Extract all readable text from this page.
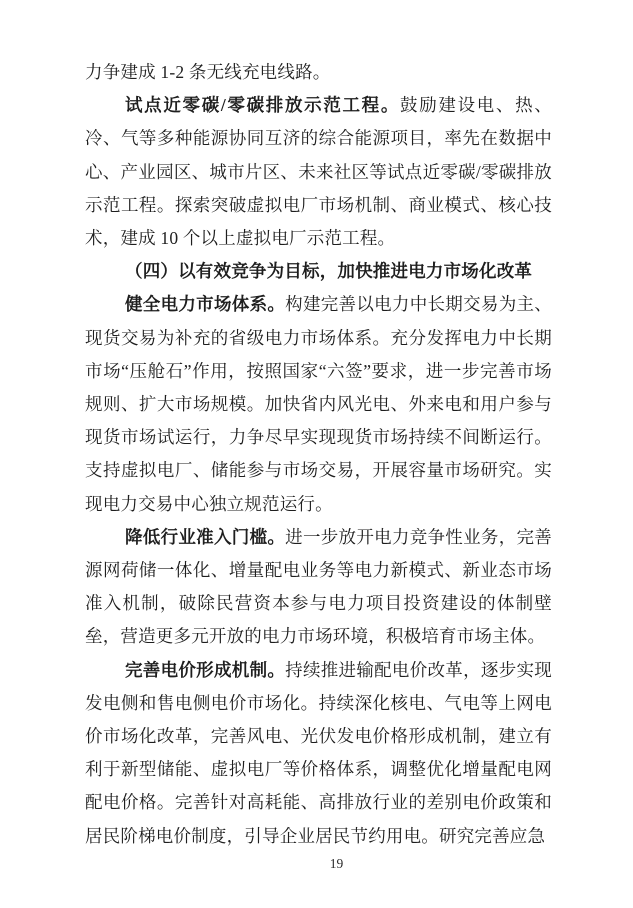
力争建成 1-2 条无线充电线路。

试点近零碳/零碳排放示范工程。鼓励建设电、热、冷、气等多种能源协同互济的综合能源项目，率先在数据中心、产业园区、城市片区、未来社区等试点近零碳/零碳排放示范工程。探索突破虚拟电厂市场机制、商业模式、核心技术，建成 10 个以上虚拟电厂示范工程。

（四）以有效竞争为目标，加快推进电力市场化改革

健全电力市场体系。构建完善以电力中长期交易为主、现货交易为补充的省级电力市场体系。充分发挥电力中长期市场“压舱石”作用，按照国家“六签”要求，进一步完善市场规则、扩大市场规模。加快省内风光电、外来电和用户参与现货市场试运行，力争尽早实现现货市场持续不间断运行。支持虚拟电厂、储能参与市场交易，开展容量市场研究。实现电力交易中心独立规范运行。

降低行业准入门槛。进一步放开电力竞争性业务，完善源网荷储一体化、增量配电业务等电力新模式、新业态市场准入机制，破除民营资本参与电力项目投资建设的体制壁垒，营造更多元开放的电力市场环境，积极培育市场主体。

完善电价形成机制。持续推进输配电价改革，逐步实现发电侧和售电侧电价市场化。持续深化核电、气电等上网电价市场化改革，完善风电、光伏发电价格形成机制，建立有利于新型储能、虚拟电厂等价格体系，调整优化增量配电网配电价格。完善针对高耗能、高排放行业的差别电价政策和居民阶梯电价制度，引导企业居民节约用电。研究完善应急

19
